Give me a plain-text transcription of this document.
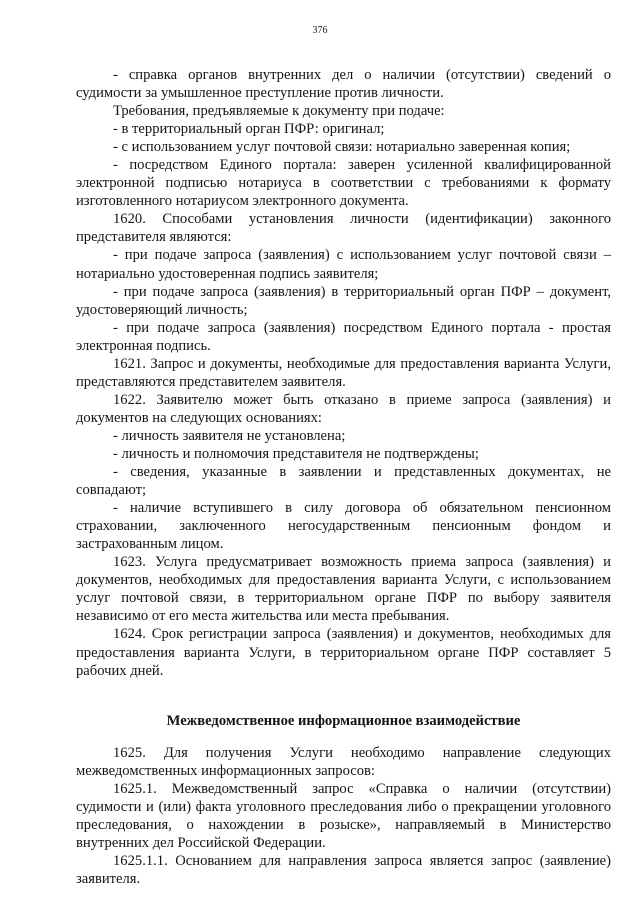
376

- справка органов внутренних дел о наличии (отсутствии) сведений о судимости за умышленное преступление против личности.

Требования, предъявляемые к документу при подаче:

- в территориальный орган ПФР: оригинал;

- с использованием услуг почтовой связи: нотариально заверенная копия;

- посредством Единого портала: заверен усиленной квалифицированной электронной подписью нотариуса в соответствии с требованиями к формату изготовленного нотариусом электронного документа.

1620. Способами установления личности (идентификации) законного представителя являются:

- при подаче запроса (заявления) с использованием услуг почтовой связи – нотариально удостоверенная подпись заявителя;

- при подаче запроса (заявления) в территориальный орган ПФР – документ, удостоверяющий личность;

- при подаче запроса (заявления) посредством Единого портала - простая электронная подпись.

1621. Запрос и документы, необходимые для предоставления варианта Услуги, представляются представителем заявителя.

1622. Заявителю может быть отказано в приеме запроса (заявления) и документов на следующих основаниях:

- личность заявителя не установлена;

- личность и полномочия представителя не подтверждены;

- сведения, указанные в заявлении и представленных документах, не совпадают;

- наличие вступившего в силу договора об обязательном пенсионном страховании, заключенного негосударственным пенсионным фондом и застрахованным лицом.

1623. Услуга предусматривает возможность приема запроса (заявления) и документов, необходимых для предоставления варианта Услуги, с использованием услуг почтовой связи, в территориальном органе ПФР по выбору заявителя независимо от его места жительства или места пребывания.

1624. Срок регистрации запроса (заявления) и документов, необходимых для предоставления варианта Услуги, в территориальном органе ПФР составляет 5 рабочих дней.

Межведомственное информационное взаимодействие

1625. Для получения Услуги необходимо направление следующих межведомственных информационных запросов:

1625.1. Межведомственный запрос «Справка о наличии (отсутствии) судимости и (или) факта уголовного преследования либо о прекращении уголовного преследования, о нахождении в розыске», направляемый в Министерство внутренних дел Российской Федерации.

1625.1.1. Основанием для направления запроса является запрос (заявление) заявителя.
